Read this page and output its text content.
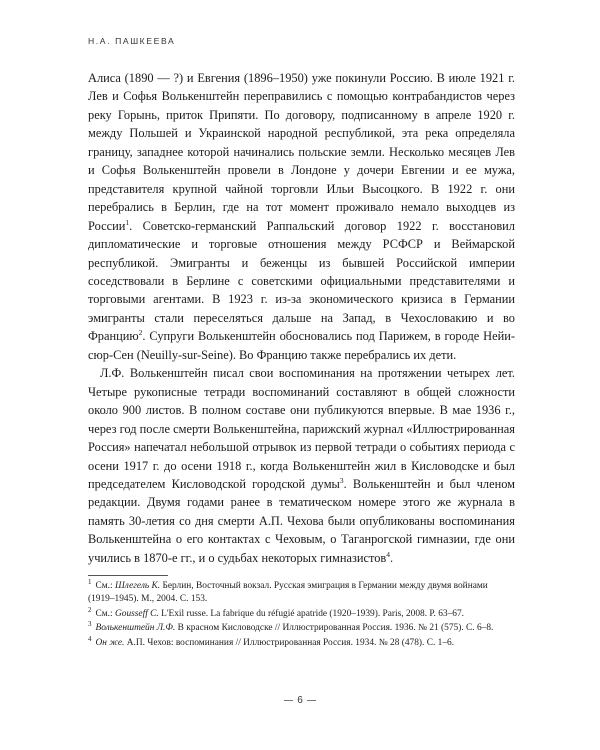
Н.А. ПАШКЕЕВА

Алиса (1890 — ?) и Евгения (1896–1950) уже покинули Россию. В июле 1921 г. Лев и Софья Волькенштейн переправились с помощью контрабандистов через реку Горынь, приток Припяти. По договору, подписанному в апреле 1920 г. между Польшей и Украинской народной республикой, эта река определяла границу, западнее которой начинались польские земли. Несколько месяцев Лев и Софья Волькенштейн провели в Лондоне у дочери Евгении и ее мужа, представителя крупной чайной торговли Ильи Высоцкого. В 1922 г. они перебрались в Берлин, где на тот момент проживало немало выходцев из России$^1$. Советско-германский Раппальский договор 1922 г. восстановил дипломатические и торговые отношения между РСФСР и Веймарской республикой. Эмигранты и беженцы из бывшей Российской империи соседствовали в Берлине с советскими официальными представителями и торговыми агентами. В 1923 г. из-за экономического кризиса в Германии эмигранты стали переселяться дальше на Запад, в Чехословакию и во Францию$^2$. Супруги Волькенштейн обосновались под Парижем, в городе Нейи-сюр-Сен (Neuilly-sur-Seine). Во Францию также перебрались их дети.

Л.Ф. Волькенштейн писал свои воспоминания на протяжении четырех лет. Четыре рукописные тетради воспоминаний составляют в общей сложности около 900 листов. В полном составе они публикуются впервые. В мае 1936 г., через год после смерти Волькенштейна, парижский журнал «Иллюстрированная Россия» напечатал небольшой отрывок из первой тетради о событиях периода с осени 1917 г. до осени 1918 г., когда Волькенштейн жил в Кисловодске и был председателем Кисловодской городской думы$^3$. Волькенштейн и был членом редакции. Двумя годами ранее в тематическом номере этого же журнала в память 30-летия со дня смерти А.П. Чехова были опубликованы воспоминания Волькенштейна о его контактах с Чеховым, о Таганрогской гимназии, где они учились в 1870-е гг., и о судьбах некоторых гимназистов$^4$.

$^1$ См.: Шлегель К. Берлин, Восточный вокзал. Русская эмиграция в Германии между двумя войнами (1919–1945). М., 2004. С. 153.

$^2$ См.: Gousseff C. L'Exil russe. La fabrique du réfugié apatride (1920–1939). Paris, 2008. P. 63–67.

$^3$ Волькенштейн Л.Ф. В красном Кисловодске // Иллюстрированная Россия. 1936. № 21 (575). С. 6–8.

$^4$ Он же. А.П. Чехов: воспоминания // Иллюстрированная Россия. 1934. № 28 (478). С. 1–6.

6
